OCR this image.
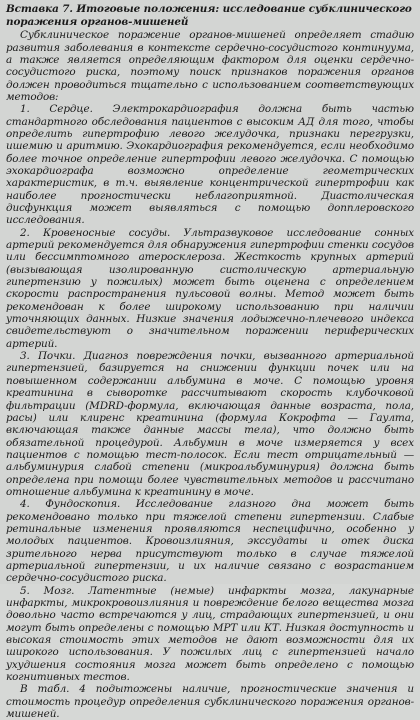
Вставка 7. Итоговые положения: исследование субклинического поражения органов-мишеней

Субклиническое поражение органов-мишеней определяет стадию развития заболевания в контексте сердечно-сосудистого континуума, а также является определяющим фактором для оценки сердечно-сосудистого риска, поэтому поиск признаков поражения органов должен проводиться тщательно с использованием соответствующих методов:

1. Сердце. Электрокардиография должна быть частью стандартного обследования пациентов с высоким АД для того, чтобы определить гипертрофию левого желудочка, признаки перегрузки, ишемию и аритмию. Эхокардиография рекомендуется, если необходимо более точное определение гипертрофии левого желудочка. С помощью эхокардиографа возможно определение геометрических характеристик, в т.ч. выявление концентрической гипертрофии как наиболее прогностически неблагоприятной. Диастолическая дисфункция может выявляться с помощью допплеровского исследования.

2. Кровеносные сосуды. Ультразвуковое исследование сонных артерий рекомендуется для обнаружения гипертрофии стенки сосудов или бессимптомного атеросклероза. Жесткость крупных артерий (вызывающая изолированную систолическую артериальную гипертензию у пожилых) может быть оценена с определением скорости распространения пульсовой волны. Метод может быть рекомендован к более широкому использованию при наличии уточняющих данных. Низкие значения лодыжечно-плечевого индекса свидетельствуют о значительном поражении периферических артерий.

3. Почки. Диагноз повреждения почки, вызванного артериальной гипертензией, базируется на снижении функции почек или на повышенном содержании альбумина в моче. С помощью уровня креатинина в сыворотке рассчитывают скорость клубочковой фильтрации (MDRD-формула, включающая данные возраста, пола, расы) или клиренс креатинина (формула Кокрофта — Гаулта, включающая также данные массы тела), что должно быть обязательной процедурой. Альбумин в моче измеряется у всех пациентов с помощью тест-полосок. Если тест отрицательный — альбуминурия слабой степени (микроальбуминурия) должна быть определена при помощи более чувствительных методов и рассчитано отношение альбумина к креатинину в моче.

4. Фундоскопия. Исследование глазного дна может быть рекомендовано только при тяжелой степени гипертензии. Слабые ретинальные изменения проявляются неспецифично, особенно у молодых пациентов. Кровоизлияния, экссудаты и отек диска зрительного нерва присутствуют только в случае тяжелой артериальной гипертензии, и их наличие связано с возрастанием сердечно-сосудистого риска.

5. Мозг. Латентные (немые) инфаркты мозга, лакунарные инфаркты, микрокровоизлияния и повреждение белого вещества мозга довольно часто встречаются у лиц, страдающих гипертензией, и они могут быть определены с помощью МРТ или КТ. Низкая доступность и высокая стоимость этих методов не дают возможности для их широкого использования. У пожилых лиц с гипертензией начало ухудшения состояния мозга может быть определено с помощью когнитивных тестов.

В табл. 4 подытожены наличие, прогностические значения и стоимость процедур определения субклинического поражения органов-мишеней.
